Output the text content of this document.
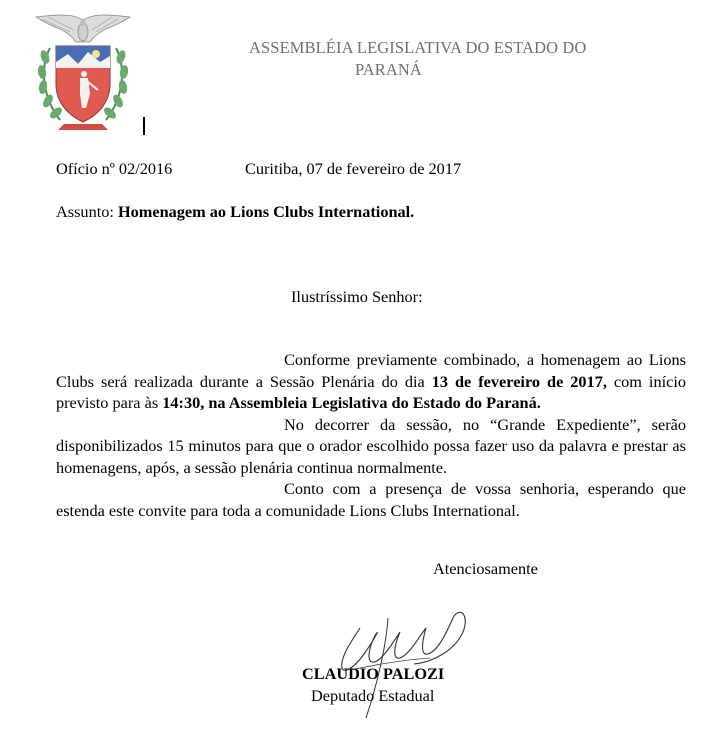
ASSEMBLÉIA LEGISLATIVA DO ESTADO DO
PARANÁ
Ofício nº 02/2016	Curitiba, 07 de fevereiro de 2017
Assunto: Homenagem ao Lions Clubs International.
Ilustríssimo Senhor:

Conforme previamente combinado, a homenagem ao Lions Clubs será realizada durante a Sessão Plenária do dia 13 de fevereiro de 2017, com início previsto para às 14:30, na Assembleia Legislativa do Estado do Paraná.

No decorrer da sessão, no “Grande Expediente”, serão disponibilizados 15 minutos para que o orador escolhido possa fazer uso da palavra e prestar as homenagens, após, a sessão plenária continua normalmente.

Conto com a presença de vossa senhoria, esperando que estenda este convite para toda a comunidade Lions Clubs International.

Atenciosamente
CLAUDIO PALOZI
Deputado Estadual
